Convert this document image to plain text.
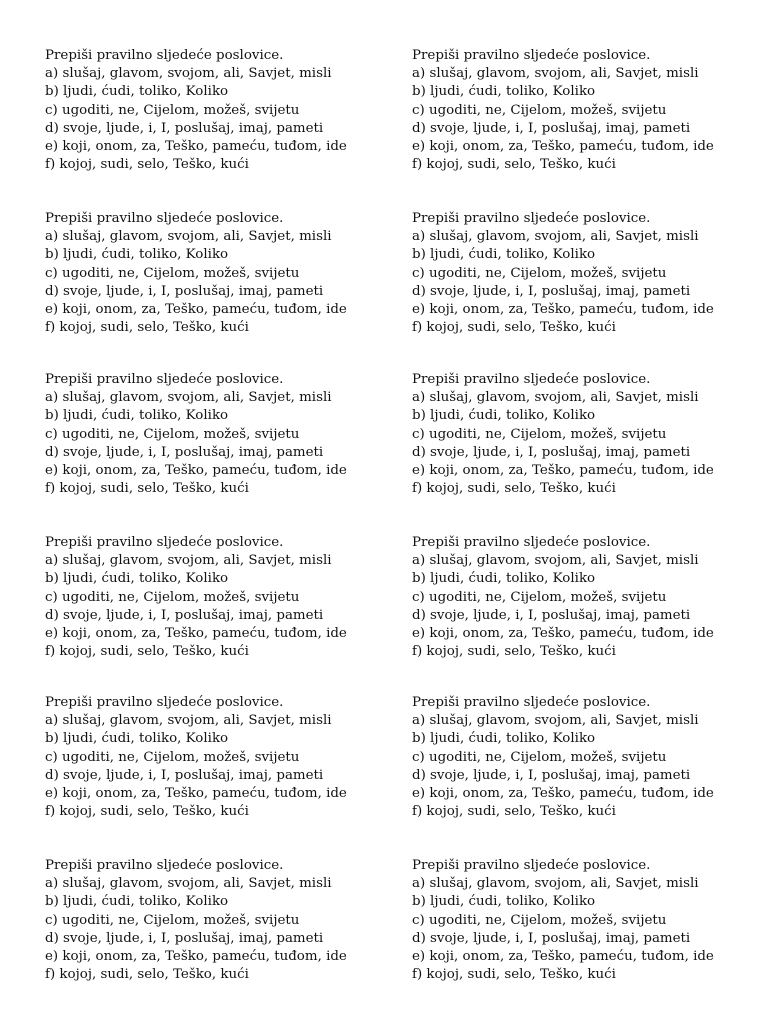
Prepiši pravilno sljedeće poslovice.
a) slušaj, glavom, svojom, ali, Savjet, misli
b) ljudi, ćudi, toliko, Koliko
c) ugoditi, ne, Cijelom, možeš, svijetu
d) svoje, ljude, i, I, poslušaj, imaj, pameti
e) koji, onom, za, Teško, pameću, tuđom, ide
f) kojoj, sudi, selo, Teško, kući
Prepiši pravilno sljedeće poslovice.
a) slušaj, glavom, svojom, ali, Savjet, misli
b) ljudi, ćudi, toliko, Koliko
c) ugoditi, ne, Cijelom, možeš, svijetu
d) svoje, ljude, i, I, poslušaj, imaj, pameti
e) koji, onom, za, Teško, pameću, tuđom, ide
f) kojoj, sudi, selo, Teško, kući
Prepiši pravilno sljedeće poslovice.
a) slušaj, glavom, svojom, ali, Savjet, misli
b) ljudi, ćudi, toliko, Koliko
c) ugoditi, ne, Cijelom, možeš, svijetu
d) svoje, ljude, i, I, poslušaj, imaj, pameti
e) koji, onom, za, Teško, pameću, tuđom, ide
f) kojoj, sudi, selo, Teško, kući
Prepiši pravilno sljedeće poslovice.
a) slušaj, glavom, svojom, ali, Savjet, misli
b) ljudi, ćudi, toliko, Koliko
c) ugoditi, ne, Cijelom, možeš, svijetu
d) svoje, ljude, i, I, poslušaj, imaj, pameti
e) koji, onom, za, Teško, pameću, tuđom, ide
f) kojoj, sudi, selo, Teško, kući
Prepiši pravilno sljedeće poslovice.
a) slušaj, glavom, svojom, ali, Savjet, misli
b) ljudi, ćudi, toliko, Koliko
c) ugoditi, ne, Cijelom, možeš, svijetu
d) svoje, ljude, i, I, poslušaj, imaj, pameti
e) koji, onom, za, Teško, pameću, tuđom, ide
f) kojoj, sudi, selo, Teško, kući
Prepiši pravilno sljedeće poslovice.
a) slušaj, glavom, svojom, ali, Savjet, misli
b) ljudi, ćudi, toliko, Koliko
c) ugoditi, ne, Cijelom, možeš, svijetu
d) svoje, ljude, i, I, poslušaj, imaj, pameti
e) koji, onom, za, Teško, pameću, tuđom, ide
f) kojoj, sudi, selo, Teško, kući
Prepiši pravilno sljedeće poslovice.
a) slušaj, glavom, svojom, ali, Savjet, misli
b) ljudi, ćudi, toliko, Koliko
c) ugoditi, ne, Cijelom, možeš, svijetu
d) svoje, ljude, i, I, poslušaj, imaj, pameti
e) koji, onom, za, Teško, pameću, tuđom, ide
f) kojoj, sudi, selo, Teško, kući
Prepiši pravilno sljedeće poslovice.
a) slušaj, glavom, svojom, ali, Savjet, misli
b) ljudi, ćudi, toliko, Koliko
c) ugoditi, ne, Cijelom, možeš, svijetu
d) svoje, ljude, i, I, poslušaj, imaj, pameti
e) koji, onom, za, Teško, pameću, tuđom, ide
f) kojoj, sudi, selo, Teško, kući
Prepiši pravilno sljedeće poslovice.
a) slušaj, glavom, svojom, ali, Savjet, misli
b) ljudi, ćudi, toliko, Koliko
c) ugoditi, ne, Cijelom, možeš, svijetu
d) svoje, ljude, i, I, poslušaj, imaj, pameti
e) koji, onom, za, Teško, pameću, tuđom, ide
f) kojoj, sudi, selo, Teško, kući
Prepiši pravilno sljedeće poslovice.
a) slušaj, glavom, svojom, ali, Savjet, misli
b) ljudi, ćudi, toliko, Koliko
c) ugoditi, ne, Cijelom, možeš, svijetu
d) svoje, ljude, i, I, poslušaj, imaj, pameti
e) koji, onom, za, Teško, pameću, tuđom, ide
f) kojoj, sudi, selo, Teško, kući
Prepiši pravilno sljedeće poslovice.
a) slušaj, glavom, svojom, ali, Savjet, misli
b) ljudi, ćudi, toliko, Koliko
c) ugoditi, ne, Cijelom, možeš, svijetu
d) svoje, ljude, i, I, poslušaj, imaj, pameti
e) koji, onom, za, Teško, pameću, tuđom, ide
f) kojoj, sudi, selo, Teško, kući
Prepiši pravilno sljedeće poslovice.
a) slušaj, glavom, svojom, ali, Savjet, misli
b) ljudi, ćudi, toliko, Koliko
c) ugoditi, ne, Cijelom, možeš, svijetu
d) svoje, ljude, i, I, poslušaj, imaj, pameti
e) koji, onom, za, Teško, pameću, tuđom, ide
f) kojoj, sudi, selo, Teško, kući
